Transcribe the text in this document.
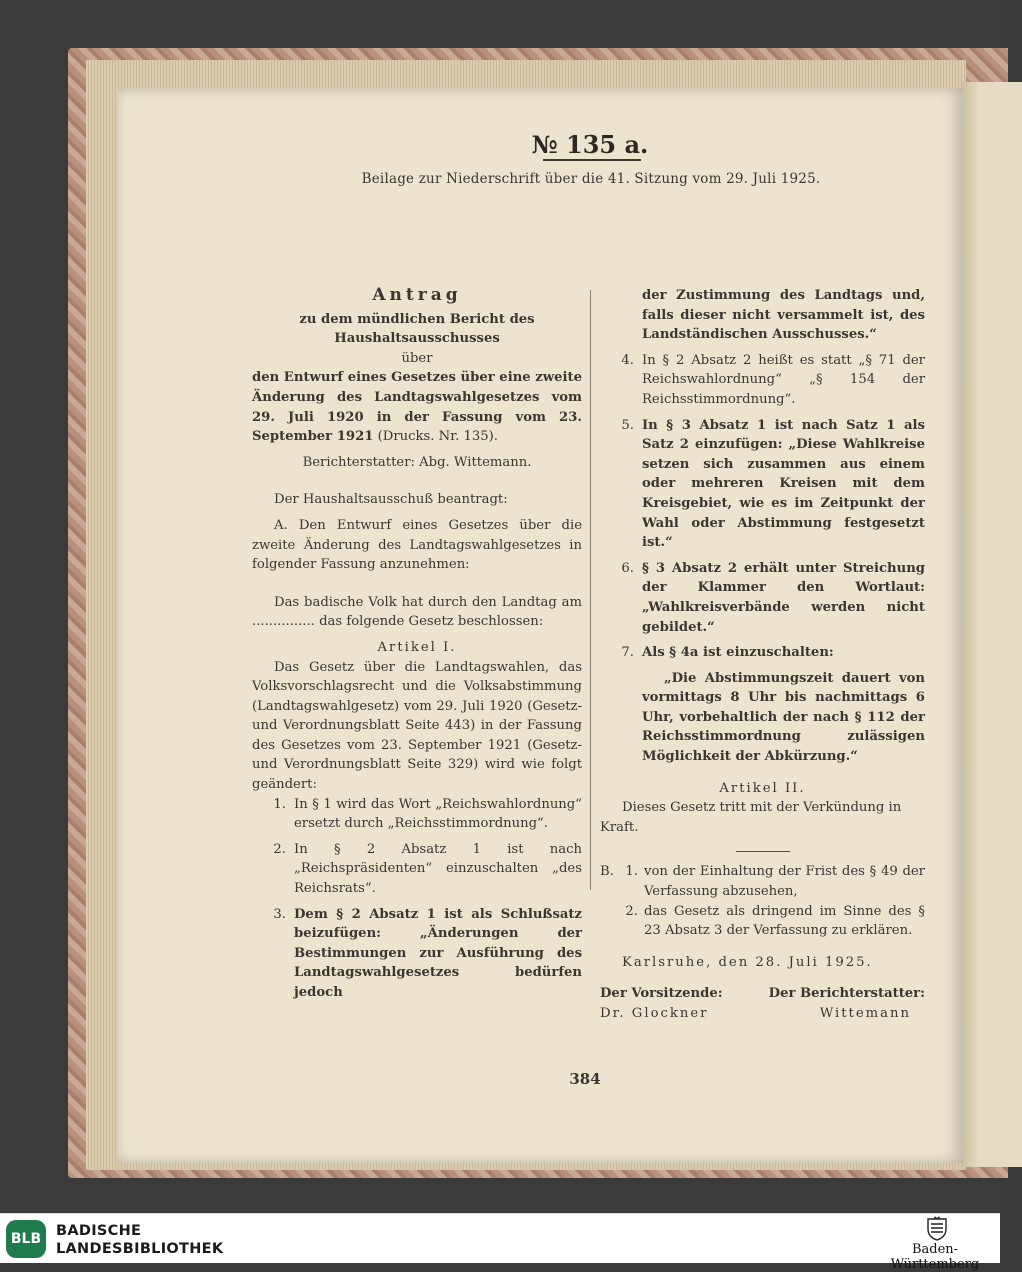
№ 135 a.
Beilage zur Niederschrift über die 41. Sitzung vom 29. Juli 1925.
Antrag
zu dem mündlichen Bericht des Haushaltsausschusses
über
den Entwurf eines Gesetzes über eine zweite Änderung des Landtagswahlgesetzes vom 29. Juli 1920 in der Fassung vom 23. September 1921 (Drucks. Nr. 135).
Berichterstatter: Abg. Wittemann.
Der Haushaltsausschuß beantragt:
A. Den Entwurf eines Gesetzes über die zweite Änderung des Landtagswahlgesetzes in folgender Fassung anzunehmen:
Das badische Volk hat durch den Landtag am ............... das folgende Gesetz beschlossen:
Artikel I.
Das Gesetz über die Landtagswahlen, das Volksvorschlagsrecht und die Volksabstimmung (Landtagswahlgesetz) vom 29. Juli 1920 (Gesetz- und Verordnungsblatt Seite 443) in der Fassung des Gesetzes vom 23. September 1921 (Gesetz- und Verordnungsblatt Seite 329) wird wie folgt geändert:
1. In § 1 wird das Wort „Reichswahlordnung“ ersetzt durch „Reichsstimmordnung“.
2. In § 2 Absatz 1 ist nach „Reichspräsidenten“ einzuschalten „des Reichsrats“.
3. Dem § 2 Absatz 1 ist als Schlußsatz beizufügen: „Änderungen der Bestimmungen zur Ausführung des Landtagswahlgesetzes bedürfen jedoch
der Zustimmung des Landtags und, falls dieser nicht versammelt ist, des Landständischen Ausschusses.“
4. In § 2 Absatz 2 heißt es statt „§ 71 der Reichswahlordnung“ „§ 154 der Reichsstimmordnung“.
5. In § 3 Absatz 1 ist nach Satz 1 als Satz 2 einzufügen: „Diese Wahlkreise setzen sich zusammen aus einem oder mehreren Kreisen mit dem Kreisgebiet, wie es im Zeitpunkt der Wahl oder Abstimmung festgesetzt ist.“
6. § 3 Absatz 2 erhält unter Streichung der Klammer den Wortlaut: „Wahlkreisverbände werden nicht gebildet.“
7. Als § 4a ist einzuschalten:
„Die Abstimmungszeit dauert von vormittags 8 Uhr bis nachmittags 6 Uhr, vorbehaltlich der nach § 112 der Reichsstimmordnung zulässigen Möglichkeit der Abkürzung.“
Artikel II.
Dieses Gesetz tritt mit der Verkündung in Kraft.
B. 1. von der Einhaltung der Frist des § 49 der Verfassung abzusehen,
2. das Gesetz als dringend im Sinne des § 23 Absatz 3 der Verfassung zu erklären.
Karlsruhe, den 28. Juli 1925.
Der Vorsitzende:	Der Berichterstatter:
Dr. Glockner	Wittemann
384
BLB	BADISCHE
LANDESBIBLIOTHEK	Baden-Württemberg
